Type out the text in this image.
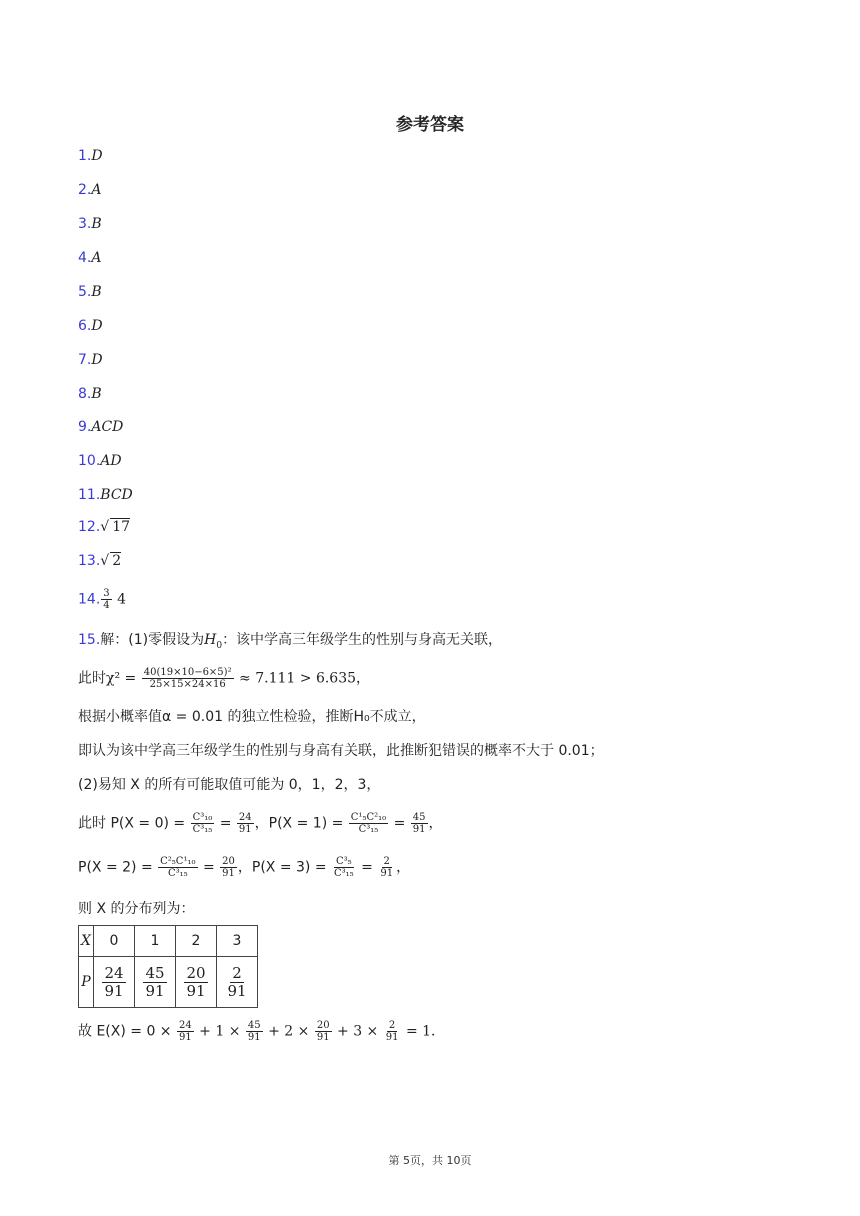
参考答案
1.D
2.A
3.B
4.A
5.B
6.D
7.D
8.B
9.ACD
10.AD
11.BCD
12.√ 17
13.√ 2
14. $\frac{3}{4} 4$
15.解：(1)零假设为$H_0$：该中学高三年级学生的性别与身高无关联，
此时$\chi^2 = \frac{\text{40(19×10−6×5)²}}{25\times 15\times 24\times 16} \approx 7.111 > 6.635$，
根据小概率值α = 0.01 的独立性检验，推断H₀不成立，
即认为该中学高三年级学生的性别与身高有关联，此推断犯错误的概率不大于 0.01；
(2)易知 X 的所有可能取值可能为 0，1，2，3，
此时 $P(X = 0) = \frac{\text{C³₁₀}}{\text{C³₁₅}} = \frac{24}{91}$ ，$P(X = 1) = \frac{\text{C¹₅C²₁₀}}{\text{C³₁₅}} = \frac{45}{91}$ ，
$P(X = 2) = \frac{\text{C²₅C¹₁₀}}{\text{C³₁₅}} = \frac{20}{91}$ ，$P(X = 3) = \frac{\text{C³₅}}{\text{C³₁₅}} = \frac{2}{91}$ ，
则 X 的分布列为：
X	0	1	2	3
P	$\frac{24}{91}$	$\frac{45}{91}$	$\frac{20}{91}$	$\frac{2}{91}$
故 $E(X) = 0 \times \frac{24}{91} + 1 \times \frac{45}{91} + 2 \times \frac{20}{91} + 3 \times \frac{2}{91} = 1$．
第 5页，共 10页
